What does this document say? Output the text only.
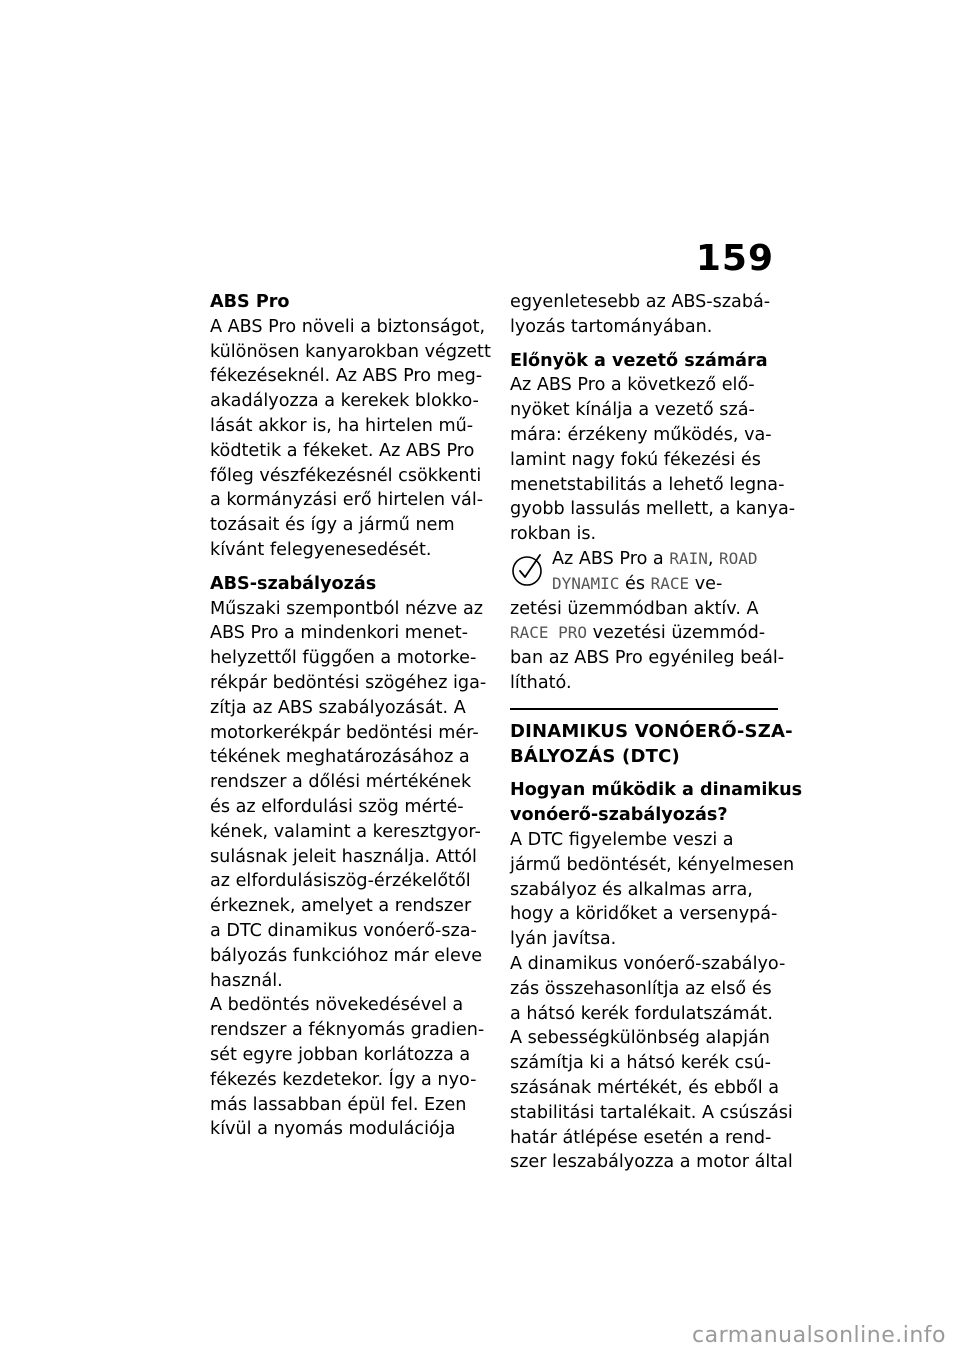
159
ABS Pro
A ABS Pro növeli a biztonságot,
különösen kanyarokban végzett
fékezéseknél. Az ABS Pro meg-
akadályozza a kerekek blokko-
lását akkor is, ha hirtelen mű-
ködtetik a fékeket. Az ABS Pro
főleg vészfékezésnél csökkenti
a kormányzási erő hirtelen vál-
tozásait és így a jármű nem
kívánt felegyenesedését.
ABS-szabályozás
Műszaki szempontból nézve az
ABS Pro a mindenkori menet-
helyzettől függően a motorke-
rékpár bedöntési szögéhez iga-
zítja az ABS szabályozását. A
motorkerékpár bedöntési mér-
tékének meghatározásához a
rendszer a dőlési mértékének
és az elfordulási szög mérté-
kének, valamint a keresztgyor-
sulásnak jeleit használja. Attól
az elfordulásiszög-érzékelőtől
érkeznek, amelyet a rendszer
a DTC dinamikus vonóerő-sza-
bályozás funkcióhoz már eleve
használ.
A bedöntés növekedésével a
rendszer a féknyomás gradien-
sét egyre jobban korlátozza a
fékezés kezdetekor. Így a nyo-
más lassabban épül fel. Ezen
kívül a nyomás modulációja
egyenletesebb az ABS-szabá-
lyozás tartományában.
Előnyök a vezető számára
Az ABS Pro a következő elő-
nyöket kínálja a vezető szá-
mára: érzékeny működés, va-
lamint nagy fokú fékezési és
menetstabilitás a lehető legna-
gyobb lassulás mellett, a kanya-
rokban is.
Az ABS Pro a RAIN, ROAD
DYNAMIC és RACE ve-
zetési üzemmódban aktív. A
RACE PRO vezetési üzemmód-
ban az ABS Pro egyénileg beál-
lítható.
DINAMIKUS VONÓERŐ-SZA-
BÁLYOZÁS (DTC)
Hogyan működik a dinamikus
vonóerő-szabályozás?
A DTC figyelembe veszi a
jármű bedöntését, kényelmesen
szabályoz és alkalmas arra,
hogy a köridőket a versenypá-
lyán javítsa.
A dinamikus vonóerő-szabályo-
zás összehasonlítja az első és
a hátsó kerék fordulatszámát.
A sebességkülönbség alapján
számítja ki a hátsó kerék csú-
szásának mértékét, és ebből a
stabilitási tartalékait. A csúszási
határ átlépése esetén a rend-
szer leszabályozza a motor által
carmanualsonline.info
